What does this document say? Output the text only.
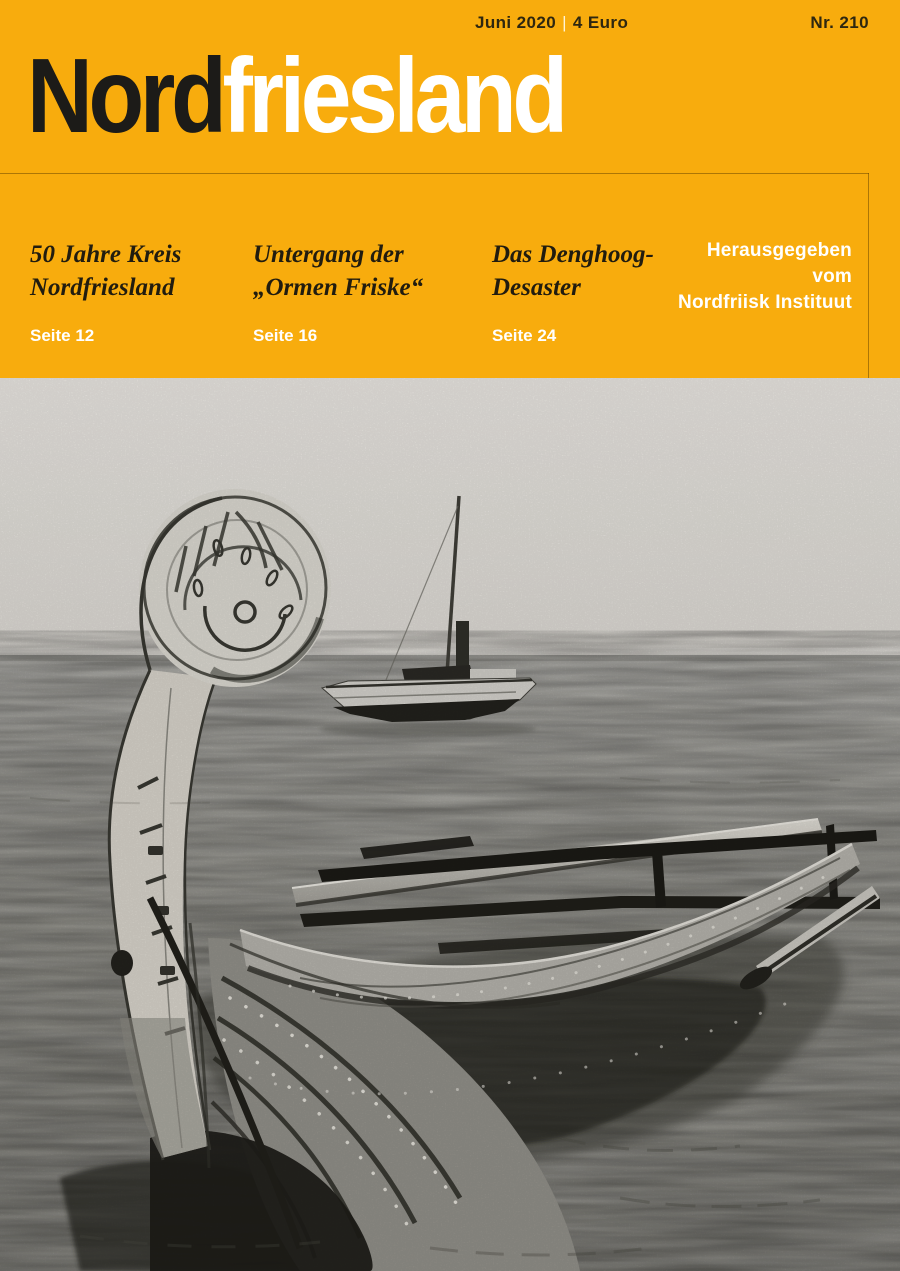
Juni 2020 | 4 Euro	Nr. 210
Nordfriesland
50 Jahre Kreis
Nordfriesland
Seite 12
Untergang der
„Ormen Friske“
Seite 16
Das Denghoog-
Desaster
Seite 24
Herausgegeben
vom
Nordfriisk Instituut
